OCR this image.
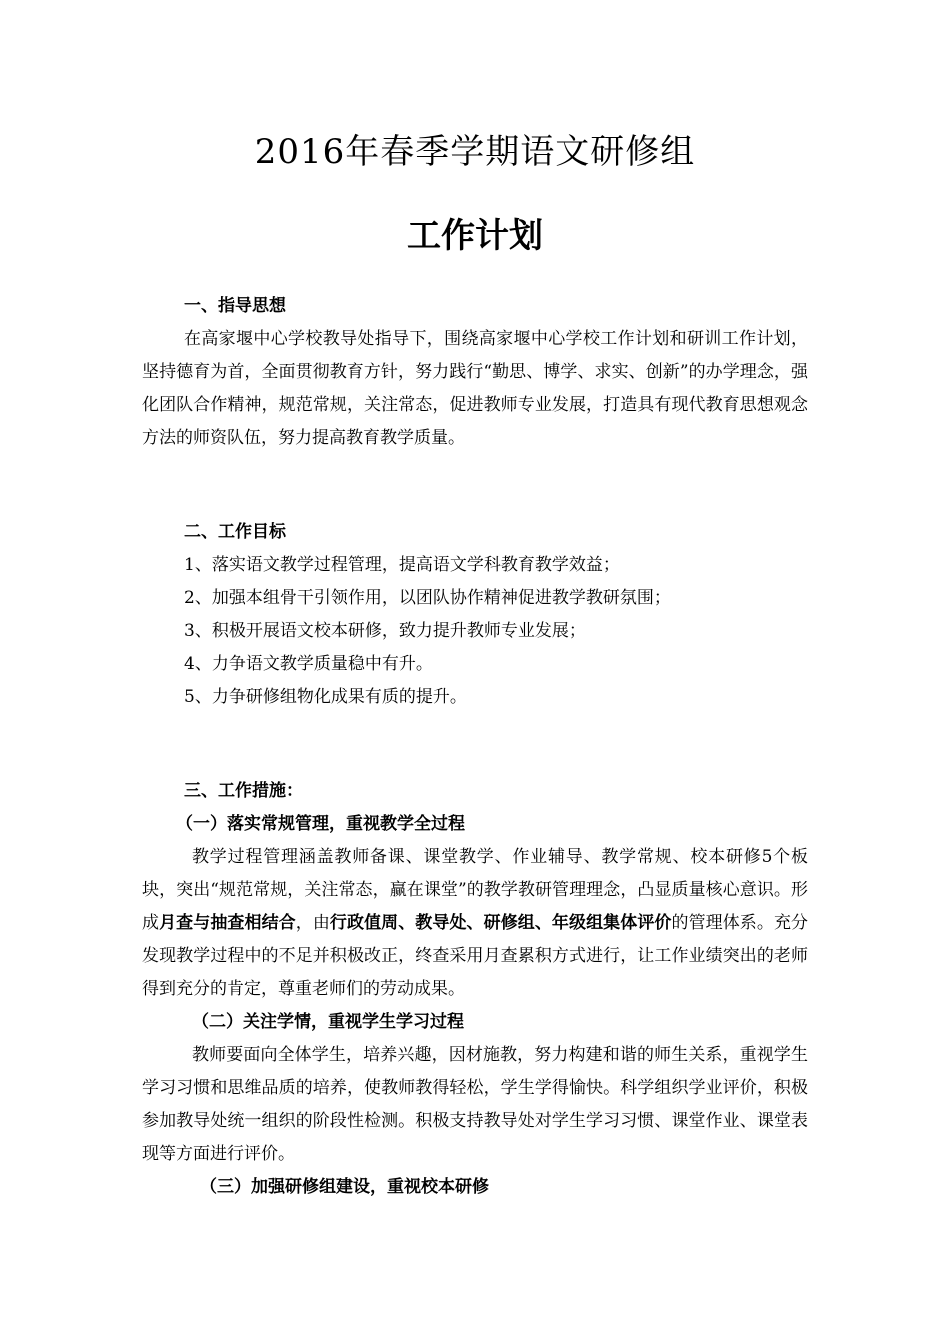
2016年春季学期语文研修组
工作计划
一、指导思想

在高家堰中心学校教导处指导下，围绕高家堰中心学校工作计划和研训工作计划，坚持德育为首，全面贯彻教育方针，努力践行“勤思、博学、求实、创新”的办学理念，强化团队合作精神，规范常规，关注常态，促进教师专业发展，打造具有现代教育思想观念方法的师资队伍，努力提高教育教学质量。

二、工作目标
1、落实语文教学过程管理，提高语文学科教育教学效益；
2、加强本组骨干引领作用，以团队协作精神促进教学教研氛围；
3、积极开展语文校本研修，致力提升教师专业发展；
4、力争语文教学质量稳中有升。
5、力争研修组物化成果有质的提升。
三、工作措施：
（一）落实常规管理，重视教学全过程

教学过程管理涵盖教师备课、课堂教学、作业辅导、教学常规、校本研修5个板块，突出“规范常规，关注常态，赢在课堂”的教学教研管理理念，凸显质量核心意识。形成月查与抽查相结合，由行政值周、教导处、研修组、年级组集体评价的管理体系。充分发现教学过程中的不足并积极改正，终查采用月查累积方式进行，让工作业绩突出的老师得到充分的肯定，尊重老师们的劳动成果。

（二）关注学情，重视学生学习过程

教师要面向全体学生，培养兴趣，因材施教，努力构建和谐的师生关系，重视学生学习习惯和思维品质的培养，使教师教得轻松，学生学得愉快。科学组织学业评价，积极参加教导处统一组织的阶段性检测。积极支持教导处对学生学习习惯、课堂作业、课堂表现等方面进行评价。

（三）加强研修组建设，重视校本研修
